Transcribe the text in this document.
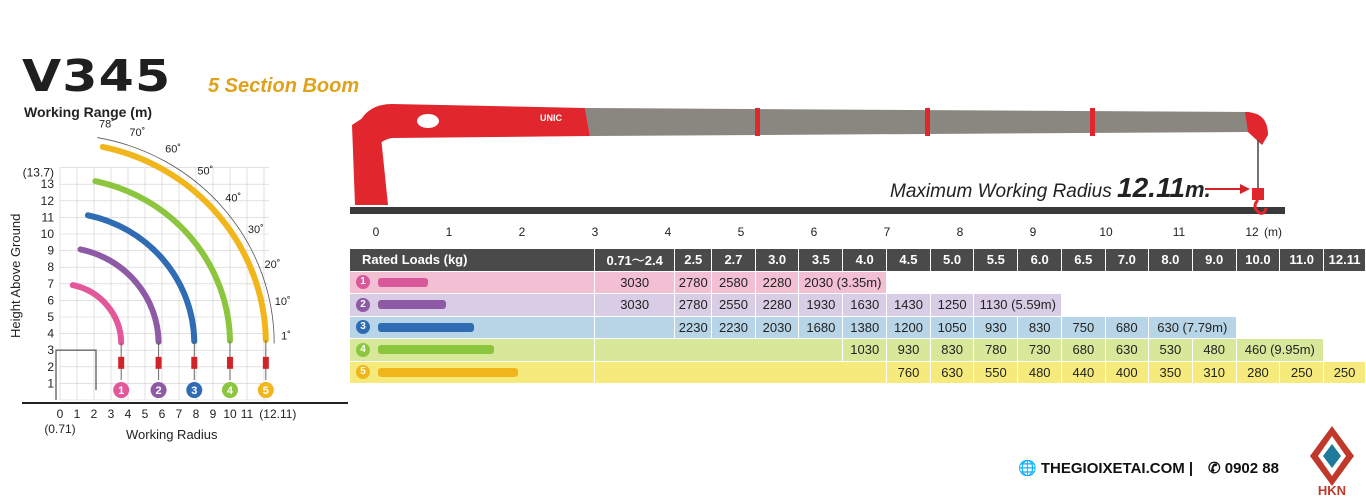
V345 5 Section Boom
Working Range (m)
1
2
3
4
5
6
7
8
9
10
11
12
13
(13.7)
0 1 2 3 4 5 6 7 8 9 10 11 (12.11)
(0.71)
1	2	3	4	5
78˚
70˚
60˚
50˚
40˚
30˚
20˚
10˚
1˚
Working Radius
Height Above Ground
UNIC
0	1	2	3	4	5	6	7	8	9	10	11	12 (m)
Maximum Working Radius 12.11m.
Rated Loads (kg)	0.71～2.4	2.5	2.7	3.0	3.5	4.0	4.5	5.0	5.5	6.0	6.5	7.0	8.0	9.0	10.0	11.0	12.11

1	3030	2780	2580	2280	2030 (3.35m)												

2	3030	2780	2550	2280	1930	1630	1430	1250	1130 (5.59m)								

3		2230	2230	2030	1680	1380	1200	1050	930	830	750	680	630 (7.79m)				

4						1030	930	830	780	730	680	630	530	480	460 (9.95m)		

5							760	630	550	480	440	400	350	310	280	250	250
🌐 THEGIOIXETAI.COM | ✆ 0902 88
HKN
